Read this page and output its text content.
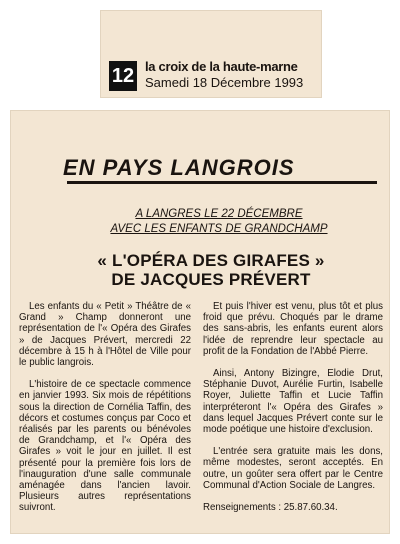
12 la croix de la haute-marne
Samedi 18 Décembre 1993
EN PAYS LANGROIS
A LANGRES LE 22 DÉCEMBRE
AVEC LES ENFANTS DE GRANDCHAMP
« L'OPÉRA DES GIRAFES »
DE JACQUES PRÉVERT

Les enfants du « Petit » Théâtre de « Grand » Champ donneront une représentation de l'« Opéra des Girafes » de Jacques Prévert, mercredi 22 décembre à 15 h à l'Hôtel de Ville pour le public langrois.

L'histoire de ce spectacle commence en janvier 1993. Six mois de répétitions sous la direction de Cornélia Taffin, des décors et costumes conçus par Coco et réalisés par les parents ou bénévoles de Grandchamp, et l'« Opéra des Girafes » voit le jour en juillet. Il est présenté pour la première fois lors de l'inauguration d'une salle communale aménagée dans l'ancien lavoir. Plusieurs autres représentations suivront.

Et puis l'hiver est venu, plus tôt et plus froid que prévu. Choqués par le drame des sans-abris, les enfants eurent alors l'idée de reprendre leur spectacle au profit de la Fondation de l'Abbé Pierre.

Ainsi, Antony Bizingre, Elodie Drut, Stéphanie Duvot, Aurélie Furtin, Isabelle Royer, Juliette Taffin et Lucie Taffin interpréteront l'« Opéra des Girafes » dans lequel Jacques Prévert conte sur le mode poétique une histoire d'exclusion.

L'entrée sera gratuite mais les dons, même modestes, seront acceptés. En outre, un goûter sera offert par le Centre Communal d'Action Sociale de Langres.

Renseignements : 25.87.60.34.
